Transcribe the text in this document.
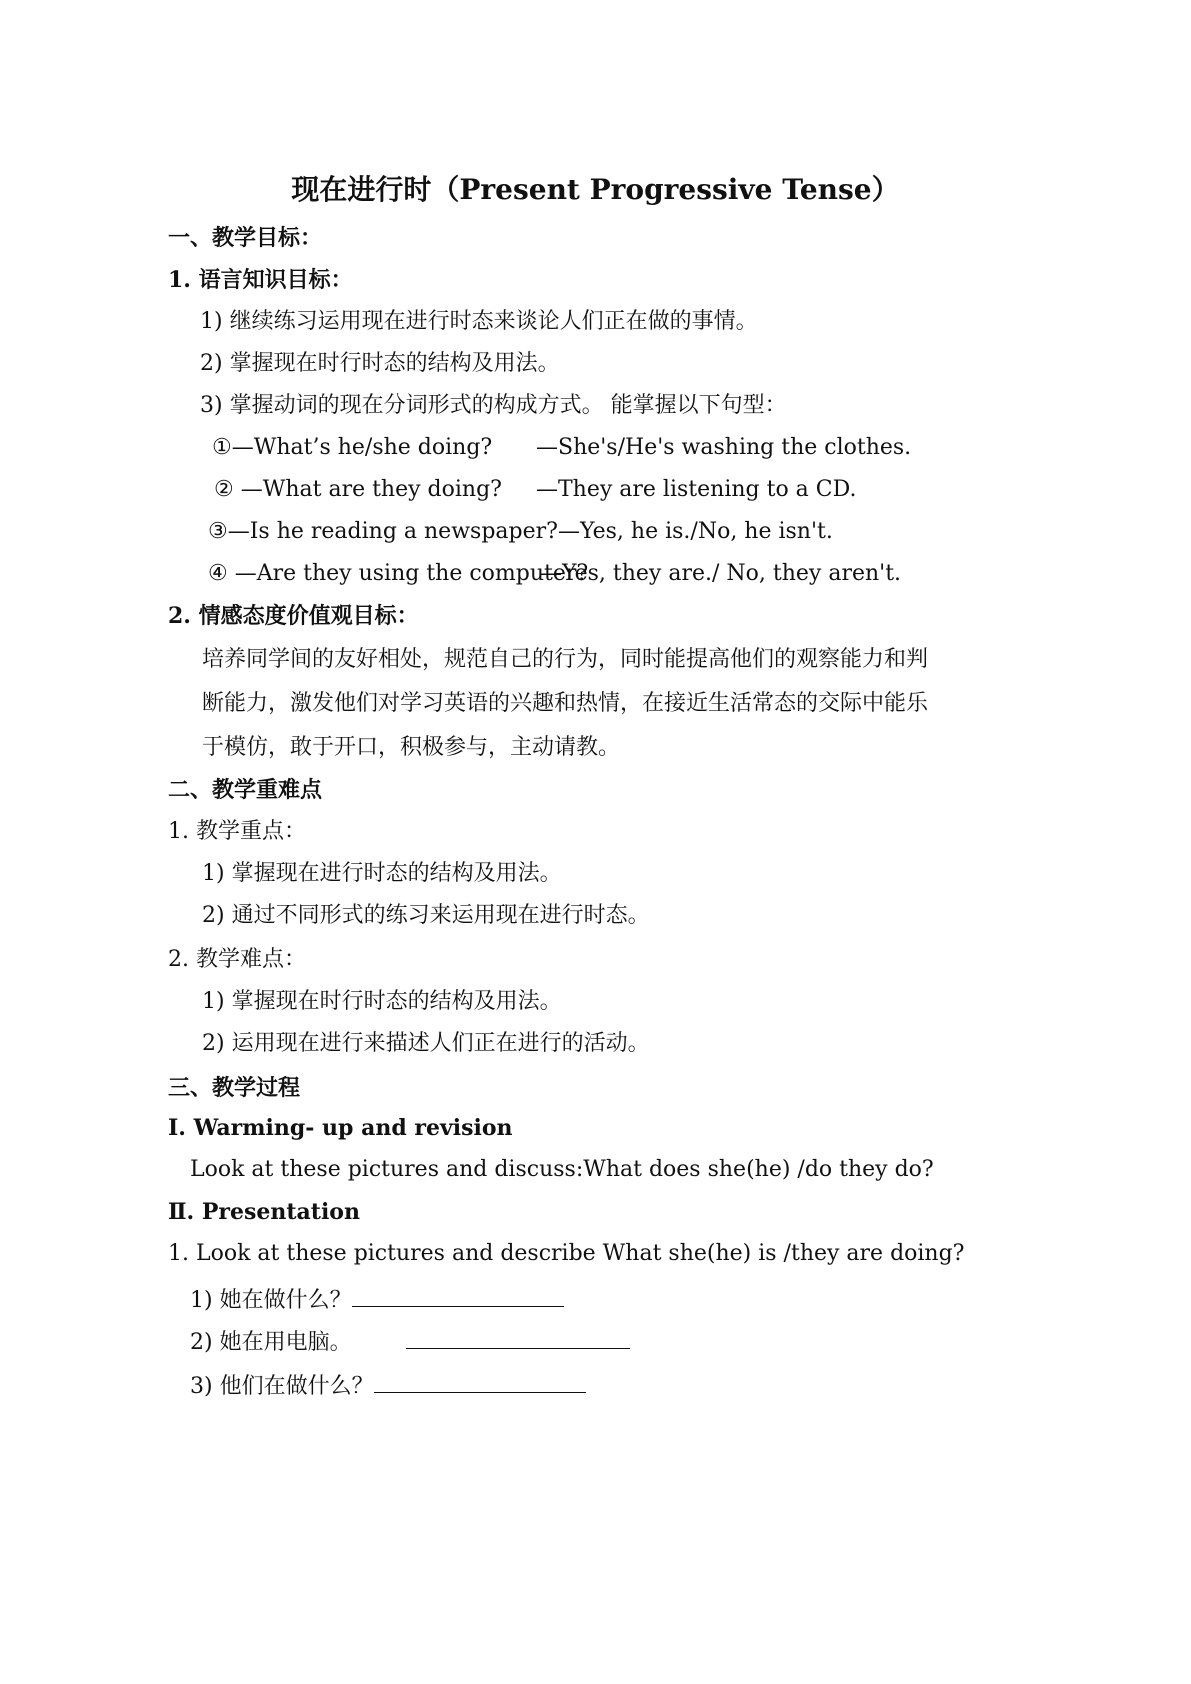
现在进行时（Present Progressive Tense）
一、教学目标：
1. 语言知识目标：
1) 继续练习运用现在进行时态来谈论人们正在做的事情。
2) 掌握现在时行时态的结构及用法。
3) 掌握动词的现在分词形式的构成方式。 能掌握以下句型：
①—What’s he/she doing? —She's/He's washing the clothes.
② —What are they doing? —They are listening to a CD.
③—Is he reading a newspaper? —Yes, he is./No, he isn't.
④ —Are they using the computer?
—Yes, they are./ No, they aren't.
2. 情感态度价值观目标：
培养同学间的友好相处，规范自己的行为，同时能提高他们的观察能力和判
断能力，激发他们对学习英语的兴趣和热情，在接近生活常态的交际中能乐
于模仿，敢于开口，积极参与，主动请教。
二、教学重难点
1. 教学重点：
1) 掌握现在进行时态的结构及用法。
2) 通过不同形式的练习来运用现在进行时态。
2. 教学难点：
1) 掌握现在时行时态的结构及用法。
2) 运用现在进行来描述人们正在进行的活动。
三、教学过程
Ⅰ. Warming- up and revision
Look at these pictures and discuss:What does she(he) /do they do?
Ⅱ. Presentation
1. Look at these pictures and describe What she(he) is /they are doing?
1) 她在做什么？
2) 她在用电脑。
3) 他们在做什么？
